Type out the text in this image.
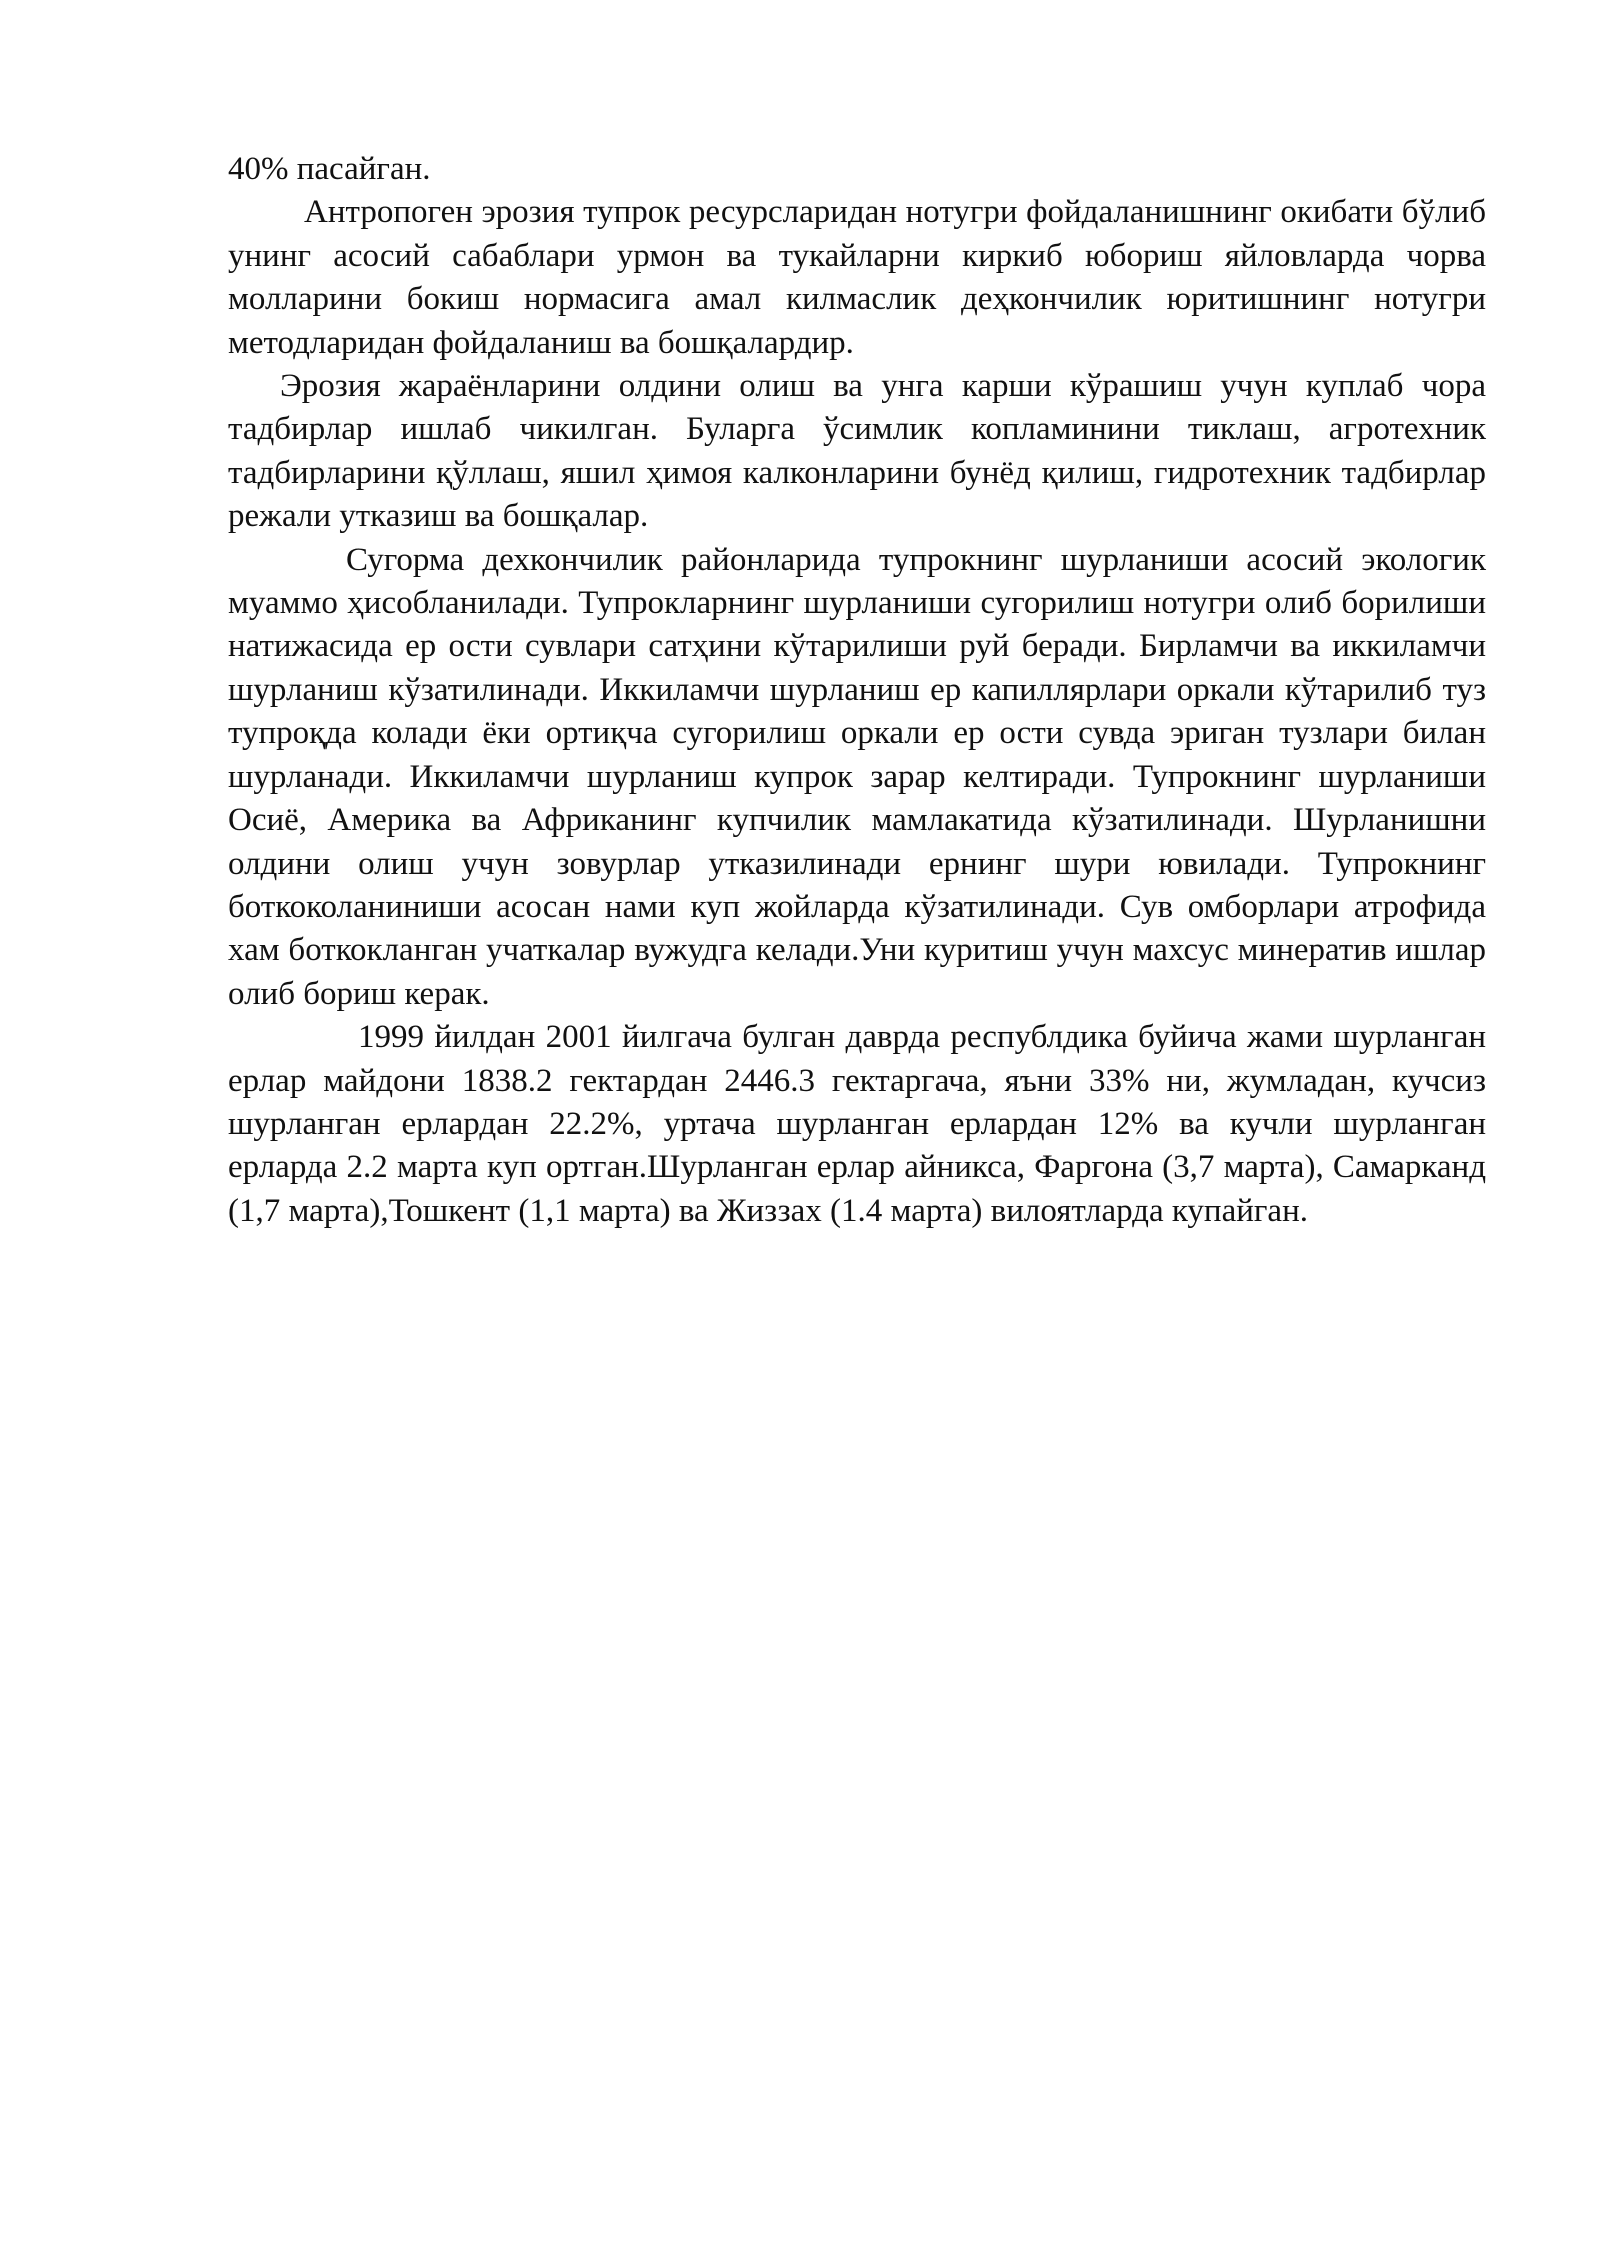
40% пасайган.

Антропоген эрозия тупрок ресурсларидан нотугри фойдаланишнинг окибати бўлиб унинг асосий сабаблари урмон ва тукайларни киркиб юбориш яйловларда чорва молларини бокиш нормасига амал килмаслик деҳкончилик юритишнинг нотугри методларидан фойдаланиш ва бошқалардир.

Эрозия жараёнларини олдини олиш ва унга карши кўрашиш учун куплаб чора тадбирлар ишлаб чикилган. Буларга ўсимлик копламинини тиклаш, агротехник тадбирларини қўллаш, яшил ҳимоя калконларини бунёд қилиш, гидротехник тадбирлар режали утказиш ва бошқалар.

Сугорма дехкончилик районларида тупрокнинг шурланиши асосий экологик муаммо ҳисобланилади. Тупрокларнинг шурланиши сугорилиш нотугри олиб борилиши натижасида ер ости сувлари сатҳини кўтарилиши руй беради. Бирламчи ва иккиламчи шурланиш кўзатилинади. Иккиламчи шурланиш ер капиллярлари оркали кўтарилиб туз тупроқда колади ёки ортиқча сугорилиш оркали ер ости сувда эриган тузлари билан шурланади. Иккиламчи шурланиш купрок зарар келтиради. Тупрокнинг шурланиши Осиё, Америка ва Африканинг купчилик мамлакатида кўзатилинади. Шурланишни олдини олиш учун зовурлар утказилинади ернинг шури ювилади. Тупрокнинг боткоколаниниши асосан нами куп жойларда кўзатилинади. Сув омборлари атрофида хам боткокланган учаткалар вужудга келади.Уни куритиш учун махсус минератив ишлар олиб бориш керак.

1999 йилдан 2001 йилгача булган даврда республдика буйича жами шурланган ерлар майдони 1838.2 гектардан 2446.3 гектаргача, яъни 33% ни, жумладан, кучсиз шурланган ерлардан 22.2%, уртача шурланган ерлардан 12% ва кучли шурланган ерларда 2.2 марта куп ортган.Шурланган ерлар айникса, Фаргона (3,7 марта), Самарканд (1,7 марта),Тошкент (1,1 марта) ва Жиззах (1.4 марта) вилоятларда купайган.
